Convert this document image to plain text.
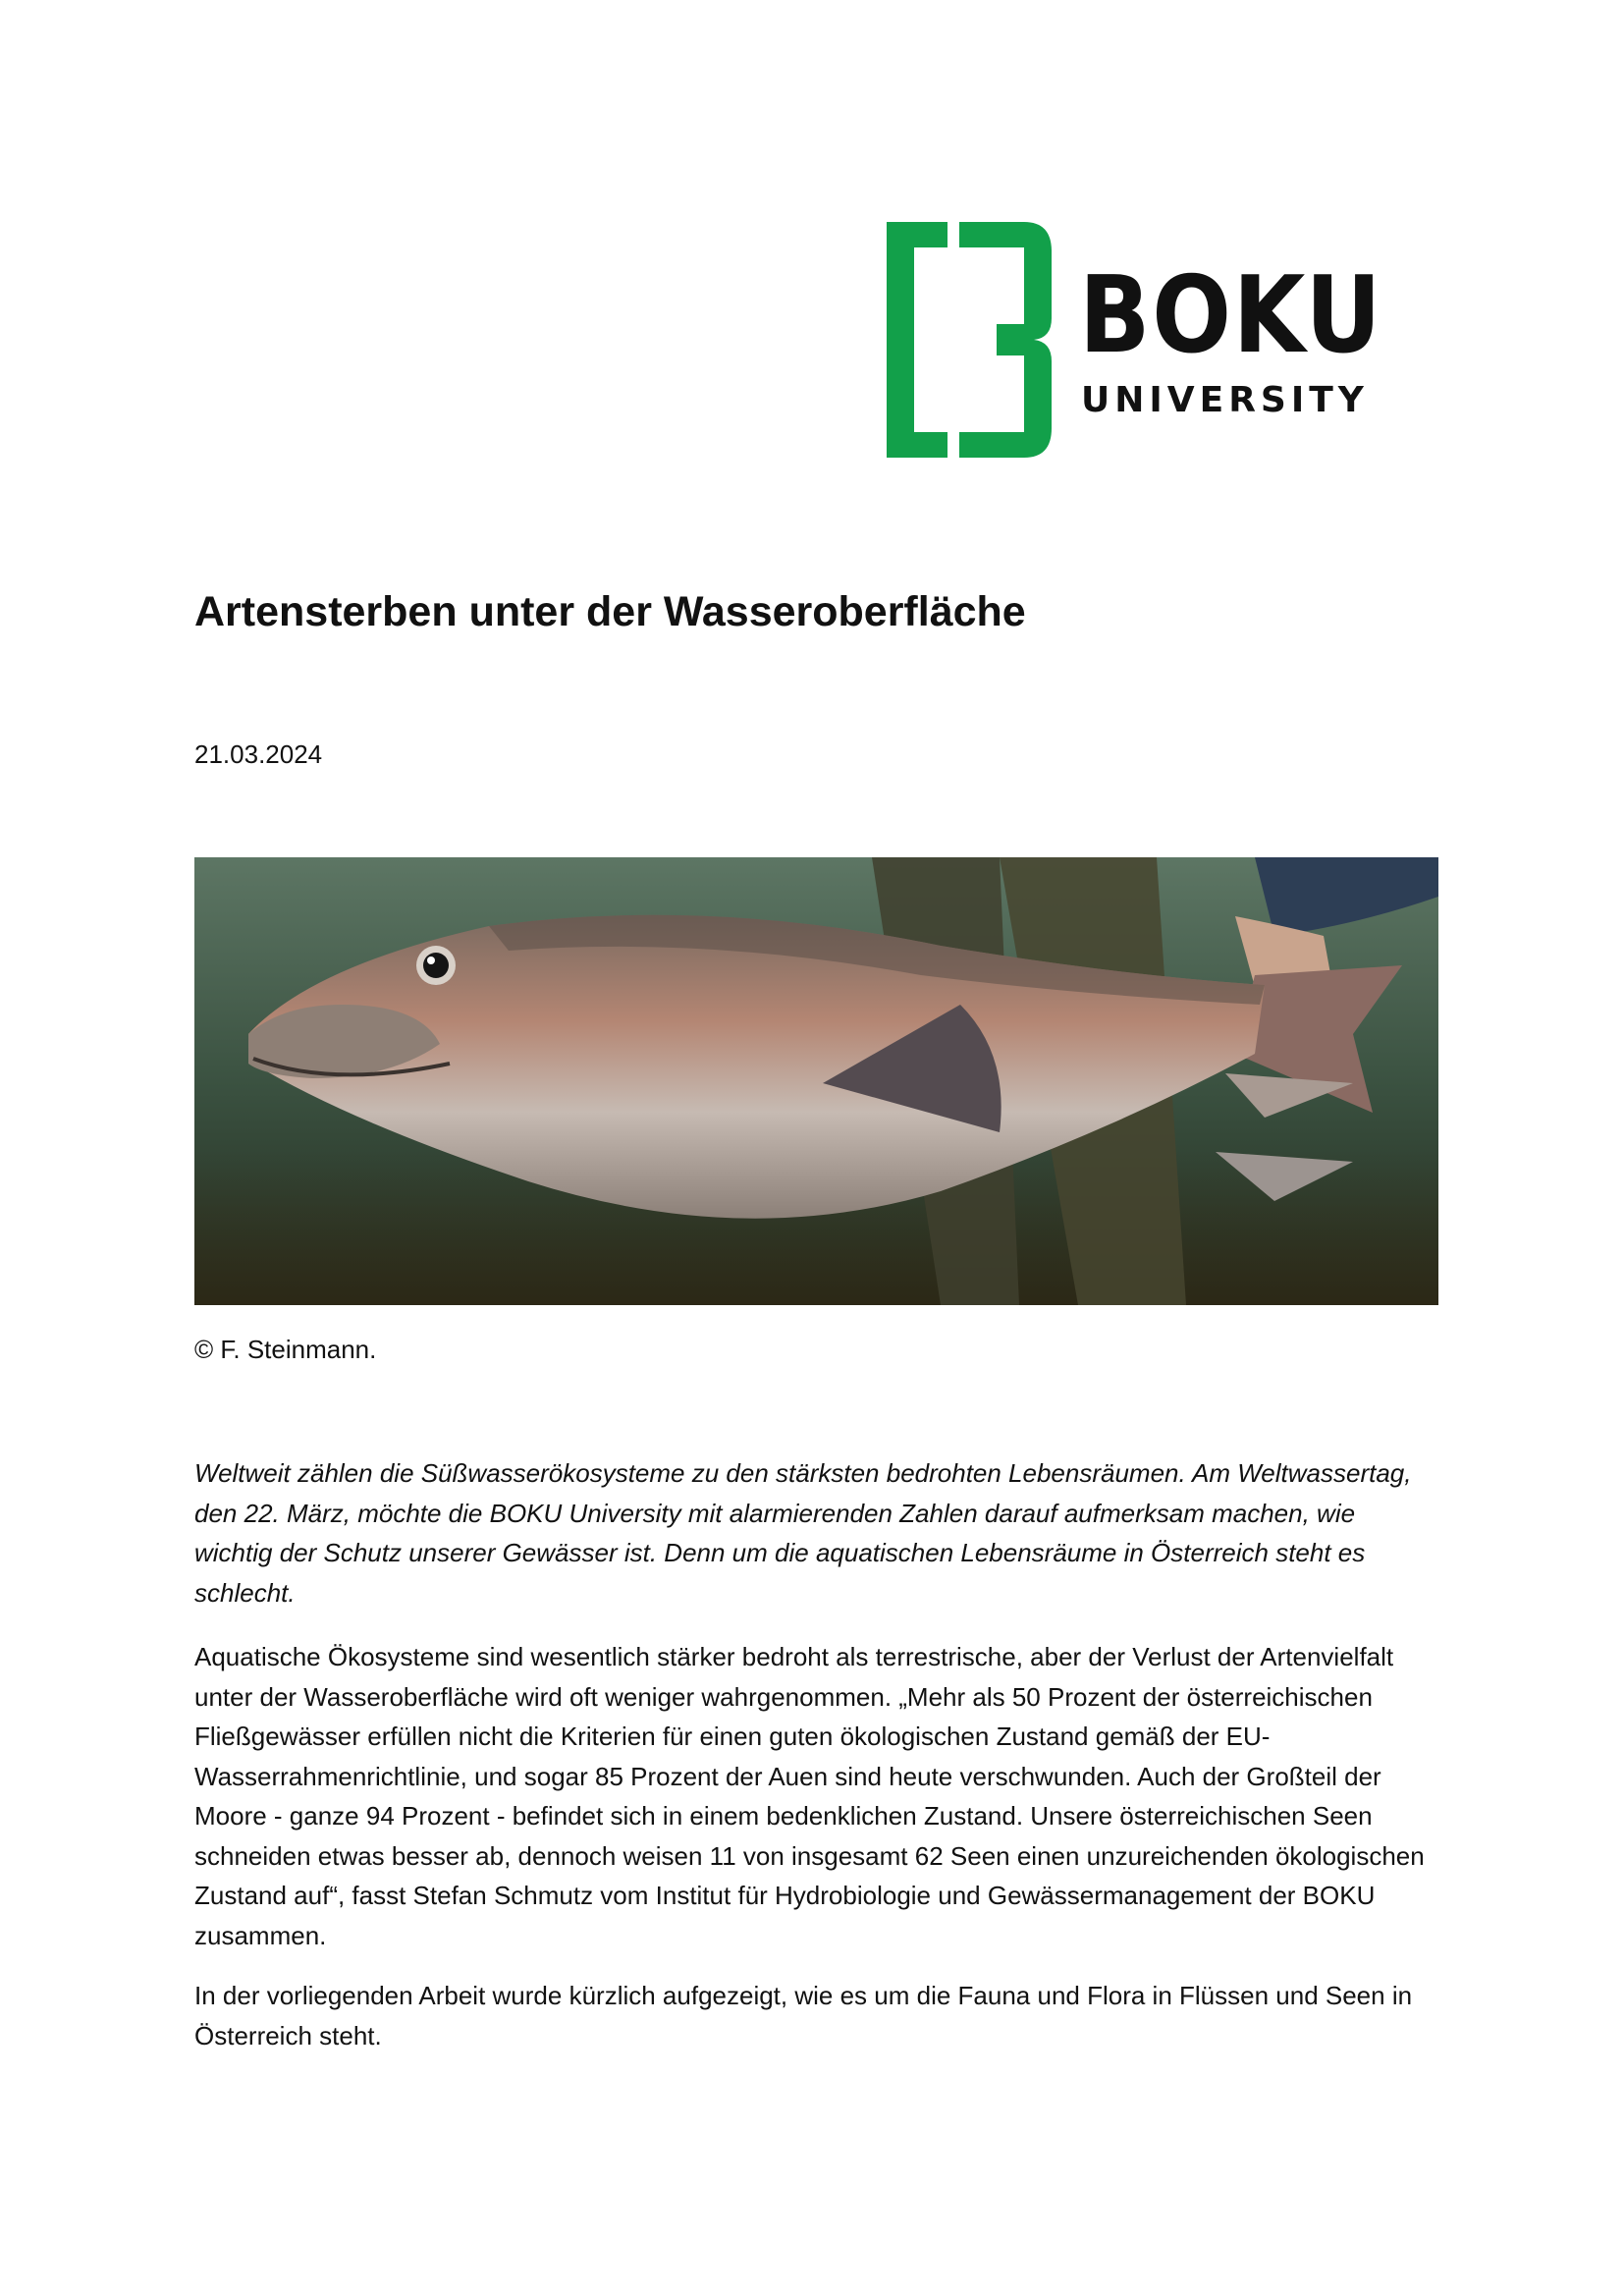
BOKU
UNIVERSITY
Artensterben unter der Wasseroberfläche
21.03.2024
© F. Steinmann.

Weltweit zählen die Süßwasserökosysteme zu den stärksten bedrohten Lebensräumen. Am Weltwassertag, den 22. März, möchte die BOKU University mit alarmierenden Zahlen darauf aufmerksam machen, wie wichtig der Schutz unserer Gewässer ist. Denn um die aquatischen Lebensräume in Österreich steht es schlecht.

Aquatische Ökosysteme sind wesentlich stärker bedroht als terrestrische, aber der Verlust der Artenvielfalt unter der Wasseroberfläche wird oft weniger wahrgenommen. „Mehr als 50 Prozent der österreichischen Fließgewässer erfüllen nicht die Kriterien für einen guten ökologischen Zustand gemäß der EU-Wasserrahmenrichtlinie, und sogar 85 Prozent der Auen sind heute verschwunden. Auch der Großteil der Moore - ganze 94 Prozent - befindet sich in einem bedenklichen Zustand. Unsere österreichischen Seen schneiden etwas besser ab, dennoch weisen 11 von insgesamt 62 Seen einen unzureichenden ökologischen Zustand auf“, fasst Stefan Schmutz vom Institut für Hydrobiologie und Gewässermanagement der BOKU zusammen.

In der vorliegenden Arbeit wurde kürzlich aufgezeigt, wie es um die Fauna und Flora in Flüssen und Seen in Österreich steht.
